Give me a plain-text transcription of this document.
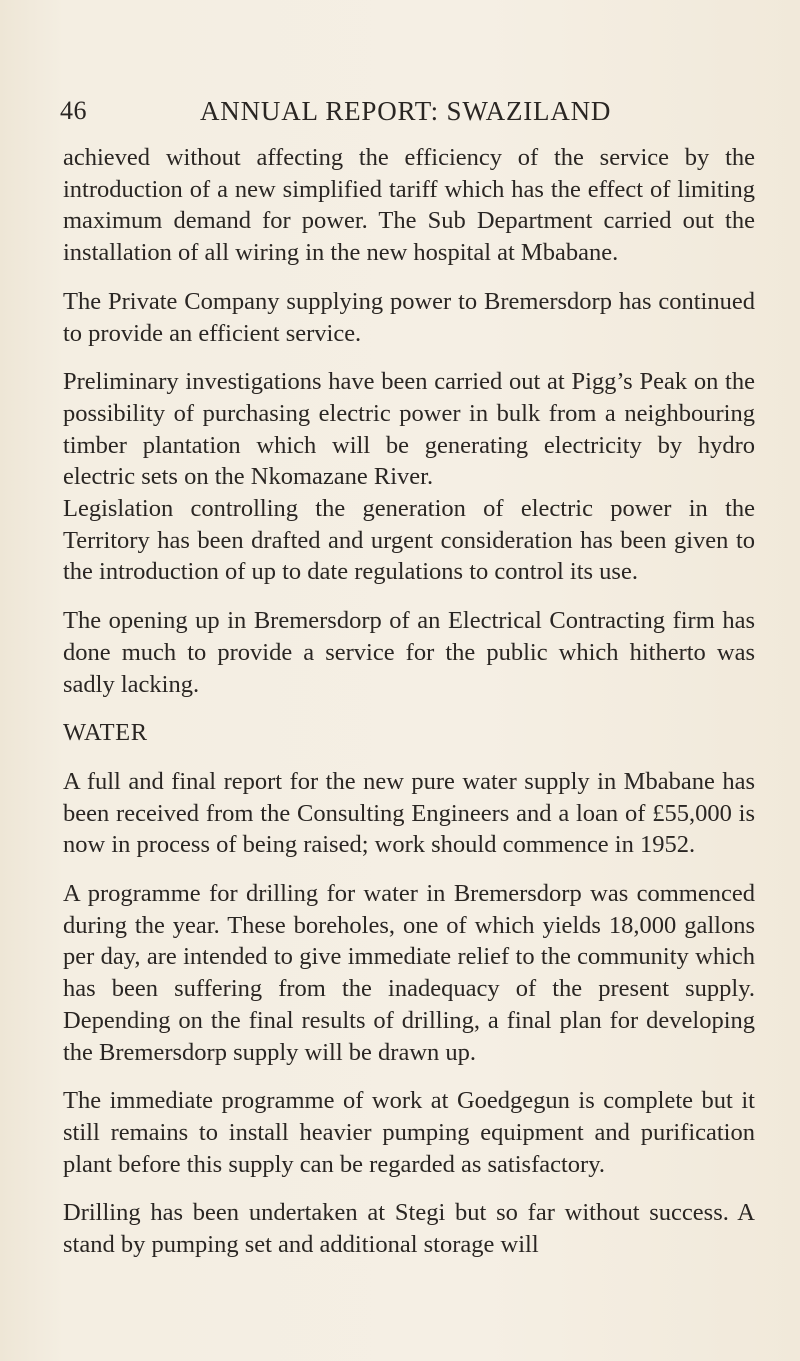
46	ANNUAL REPORT: SWAZILAND

achieved without affecting the efficiency of the service by the introduction of a new simplified tariff which has the effect of limiting maximum demand for power. The Sub Department carried out the installation of all wiring in the new hospital at Mbabane.

The Private Company supplying power to Bremersdorp has continued to provide an efficient service.

Preliminary investigations have been carried out at Pigg’s Peak on the possibility of purchasing electric power in bulk from a neighbouring timber plantation which will be generating electricity by hydro electric sets on the Nkomazane River.

Legislation controlling the generation of electric power in the Territory has been drafted and urgent consideration has been given to the introduction of up to date regulations to control its use.

The opening up in Bremersdorp of an Electrical Contracting firm has done much to provide a service for the public which hitherto was sadly lacking.

WATER

A full and final report for the new pure water supply in Mbabane has been received from the Consulting Engineers and a loan of £55,000 is now in process of being raised; work should commence in 1952.

A programme for drilling for water in Bremersdorp was commenced during the year. These boreholes, one of which yields 18,000 gallons per day, are intended to give immediate relief to the community which has been suffering from the inadequacy of the present supply. Depending on the final results of drilling, a final plan for developing the Bremersdorp supply will be drawn up.

The immediate programme of work at Goedgegun is complete but it still remains to install heavier pumping equipment and purification plant before this supply can be regarded as satisfactory.

Drilling has been undertaken at Stegi but so far without success. A stand by pumping set and additional storage will
